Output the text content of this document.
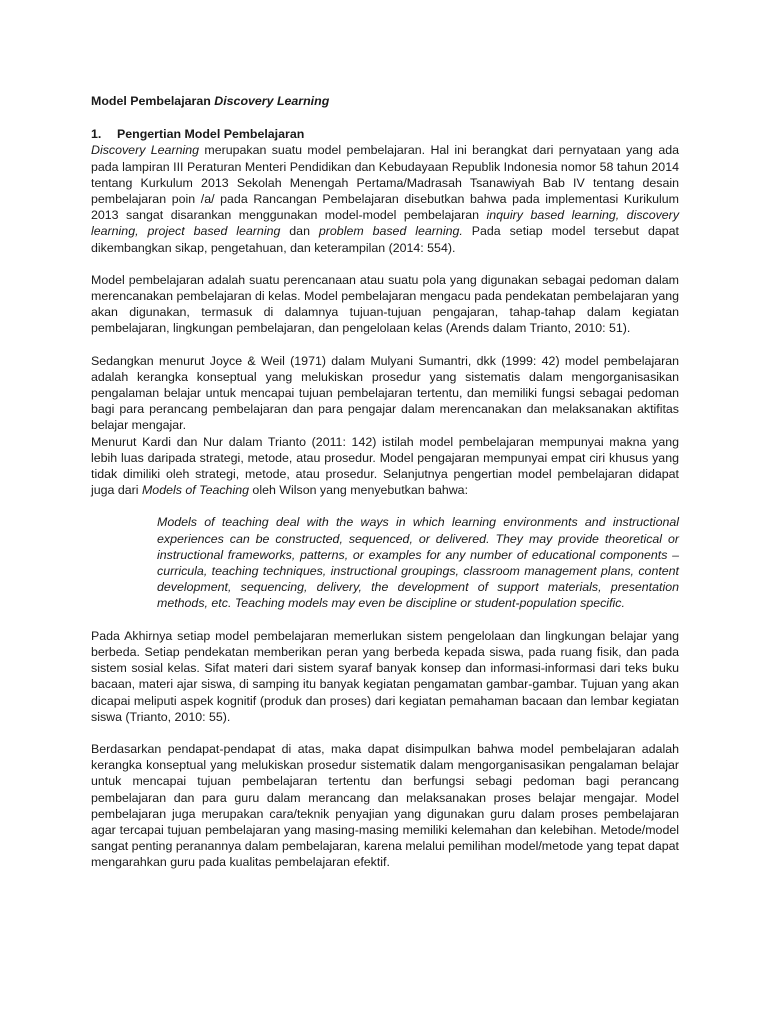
Model Pembelajaran Discovery Learning
1.	Pengertian Model Pembelajaran

Discovery Learning merupakan suatu model pembelajaran. Hal ini berangkat dari pernyataan yang ada pada lampiran III Peraturan Menteri Pendidikan dan Kebudayaan Republik Indonesia nomor 58 tahun 2014 tentang Kurkulum 2013 Sekolah Menengah Pertama/Madrasah Tsanawiyah Bab IV tentang desain pembelajaran poin /a/ pada Rancangan Pembelajaran disebutkan bahwa pada implementasi Kurikulum 2013 sangat disarankan menggunakan model-model pembelajaran inquiry based learning, discovery learning, project based learning dan problem based learning. Pada setiap model tersebut dapat dikembangkan sikap, pengetahuan, dan keterampilan (2014: 554).

Model pembelajaran adalah suatu perencanaan atau suatu pola yang digunakan sebagai pedoman dalam merencanakan pembelajaran di kelas. Model pembelajaran mengacu pada pendekatan pembelajaran yang akan digunakan, termasuk di dalamnya tujuan-tujuan pengajaran, tahap-tahap dalam kegiatan pembelajaran, lingkungan pembelajaran, dan pengelolaan kelas (Arends dalam Trianto, 2010: 51).

Sedangkan menurut Joyce & Weil (1971) dalam Mulyani Sumantri, dkk (1999: 42) model pembelajaran adalah kerangka konseptual yang melukiskan prosedur yang sistematis dalam mengorganisasikan pengalaman belajar untuk mencapai tujuan pembelajaran tertentu, dan memiliki fungsi sebagai pedoman bagi para perancang pembelajaran dan para pengajar dalam merencanakan dan melaksanakan aktifitas belajar mengajar.

Menurut Kardi dan Nur dalam Trianto (2011: 142) istilah model pembelajaran mempunyai makna yang lebih luas daripada strategi, metode, atau prosedur. Model pengajaran mempunyai empat ciri khusus yang tidak dimiliki oleh strategi, metode, atau prosedur. Selanjutnya pengertian model pembelajaran didapat juga dari Models of Teaching oleh Wilson yang menyebutkan bahwa:

Models of teaching deal with the ways in which learning environments and instructional experiences can be constructed, sequenced, or delivered. They may provide theoretical or instructional frameworks, patterns, or examples for any number of educational components – curricula, teaching techniques, instructional groupings, classroom management plans, content development, sequencing, delivery, the development of support materials, presentation methods, etc. Teaching models may even be discipline or student-population specific.

Pada Akhirnya setiap model pembelajaran memerlukan sistem pengelolaan dan lingkungan belajar yang berbeda. Setiap pendekatan memberikan peran yang berbeda kepada siswa, pada ruang fisik, dan pada sistem sosial kelas. Sifat materi dari sistem syaraf banyak konsep dan informasi-informasi dari teks buku bacaan, materi ajar siswa, di samping itu banyak kegiatan pengamatan gambar-gambar. Tujuan yang akan dicapai meliputi aspek kognitif (produk dan proses) dari kegiatan pemahaman bacaan dan lembar kegiatan siswa (Trianto, 2010: 55).

Berdasarkan pendapat-pendapat di atas, maka dapat disimpulkan bahwa model pembelajaran adalah kerangka konseptual yang melukiskan prosedur sistematik dalam mengorganisasikan pengalaman belajar untuk mencapai tujuan pembelajaran tertentu dan berfungsi sebagi pedoman bagi perancang pembelajaran dan para guru dalam merancang dan melaksanakan proses belajar mengajar. Model pembelajaran juga merupakan cara/teknik penyajian yang digunakan guru dalam proses pembelajaran agar tercapai tujuan pembelajaran yang masing-masing memiliki kelemahan dan kelebihan. Metode/model sangat penting peranannya dalam pembelajaran, karena melalui pemilihan model/metode yang tepat dapat mengarahkan guru pada kualitas pembelajaran efektif.
